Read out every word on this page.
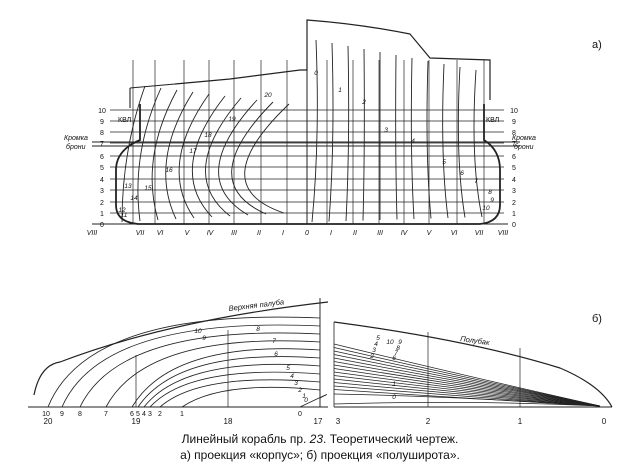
а)
КВЛ	КВЛ
Кромка
брони
Кромка
брони
VIII	VII VI	V IV	III	II	I	0	I	II	III	IV	V	VI VII VIII
10
9
8
7
6
5
4
3
2
1
0
10
9
8
7
6
5
4
3
2
1
0
20
19
18
17
16
15
14
13
12
11
0
1
2
3
4
5
6
7
8
9
10
б)
Верхняя палуба
Полубак
10 9 8	7	6 5 4 3 2	1	0
20	19	18	17
10
9
8
7
6
5
4
3
2
1
0
3	2	1	0
5
4
3
2
10 9
8
7
6
1
0
Линейный корабль пр. 23. Теоретический чертеж.
а) проекция «корпус»; б) проекция «полуширота».
